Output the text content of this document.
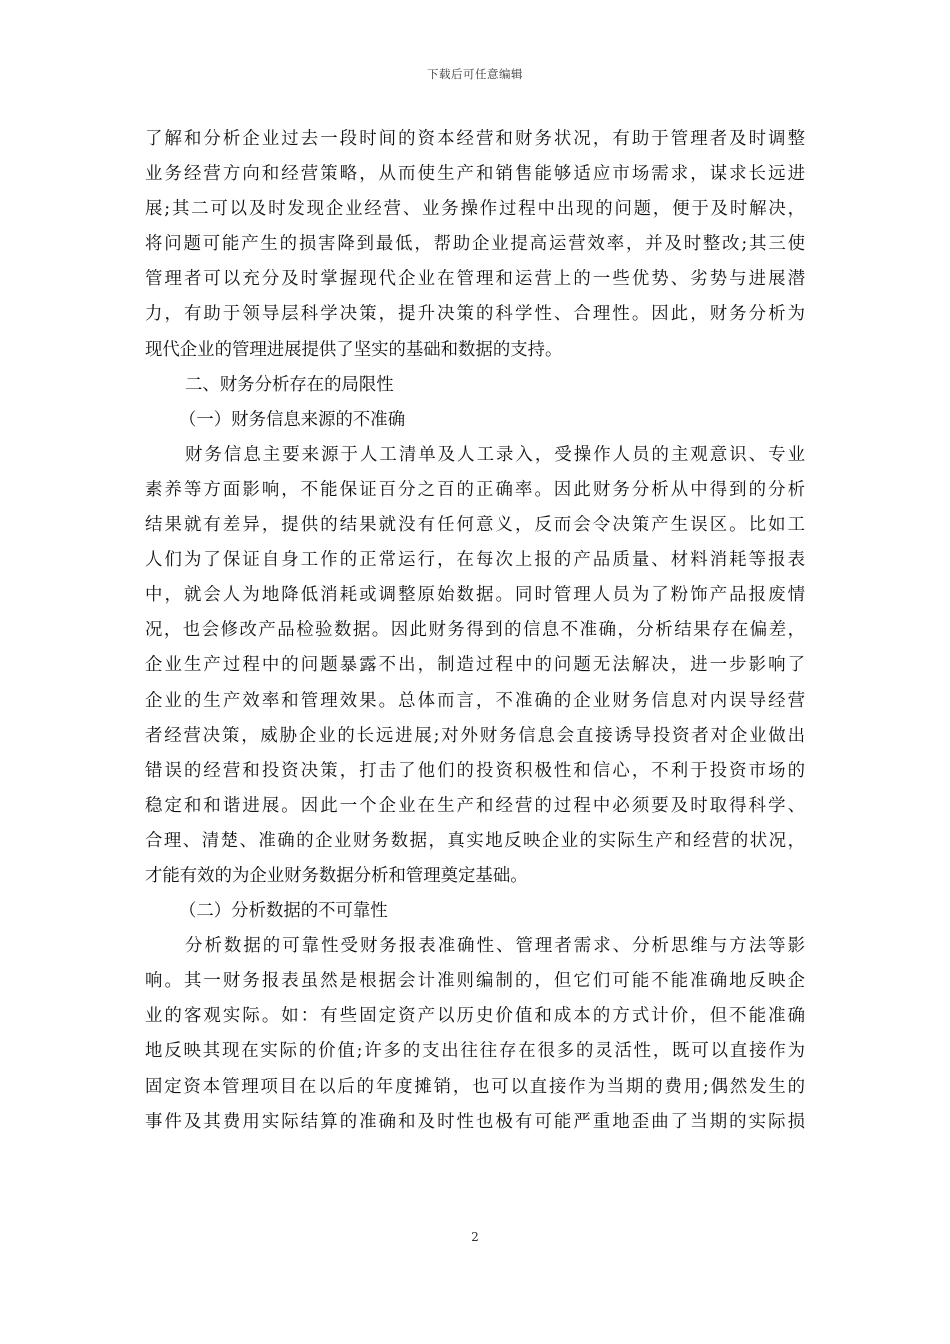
下载后可任意编辑
了解和分析企业过去一段时间的资本经营和财务状况，有助于管理者及时调整
业务经营方向和经营策略，从而使生产和销售能够适应市场需求，谋求长远进
展;其二可以及时发现企业经营、业务操作过程中出现的问题，便于及时解决，
将问题可能产生的损害降到最低，帮助企业提高运营效率，并及时整改;其三使
管理者可以充分及时掌握现代企业在管理和运营上的一些优势、劣势与进展潜
力，有助于领导层科学决策，提升决策的科学性、合理性。因此，财务分析为
现代企业的管理进展提供了坚实的基础和数据的支持。
二、财务分析存在的局限性
（一）财务信息来源的不准确
财务信息主要来源于人工清单及人工录入，受操作人员的主观意识、专业
素养等方面影响，不能保证百分之百的正确率。因此财务分析从中得到的分析
结果就有差异，提供的结果就没有任何意义，反而会令决策产生误区。比如工
人们为了保证自身工作的正常运行，在每次上报的产品质量、材料消耗等报表
中，就会人为地降低消耗或调整原始数据。同时管理人员为了粉饰产品报废情
况，也会修改产品检验数据。因此财务得到的信息不准确，分析结果存在偏差，
企业生产过程中的问题暴露不出，制造过程中的问题无法解决，进一步影响了
企业的生产效率和管理效果。总体而言，不准确的企业财务信息对内误导经营
者经营决策，威胁企业的长远进展;对外财务信息会直接诱导投资者对企业做出
错误的经营和投资决策，打击了他们的投资积极性和信心，不利于投资市场的
稳定和和谐进展。因此一个企业在生产和经营的过程中必须要及时取得科学、
合理、清楚、准确的企业财务数据，真实地反映企业的实际生产和经营的状况，
才能有效的为企业财务数据分析和管理奠定基础。
（二）分析数据的不可靠性
分析数据的可靠性受财务报表准确性、管理者需求、分析思维与方法等影
响。其一财务报表虽然是根据会计准则编制的，但它们可能不能准确地反映企
业的客观实际。如：有些固定资产以历史价值和成本的方式计价，但不能准确
地反映其现在实际的价值;许多的支出往往存在很多的灵活性，既可以直接作为
固定资本管理项目在以后的年度摊销，也可以直接作为当期的费用;偶然发生的
事件及其费用实际结算的准确和及时性也极有可能严重地歪曲了当期的实际损
2
